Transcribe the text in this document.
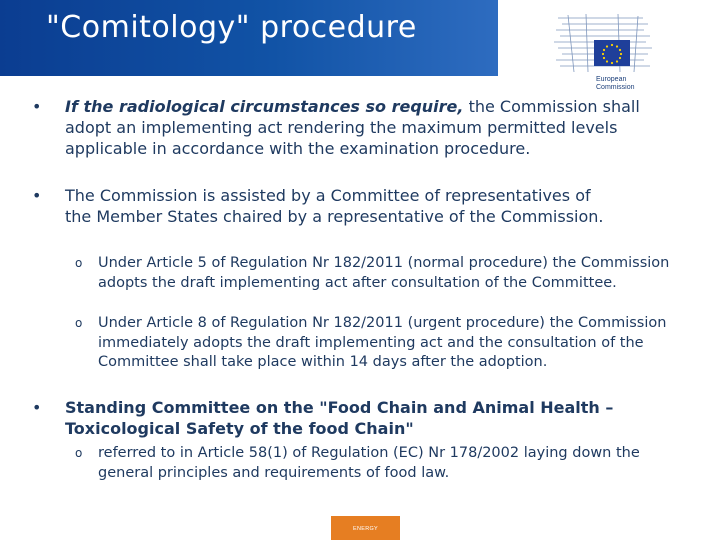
"Comitology" procedure
European
Commission
• If the radiological circumstances so require, the Commission shall adopt an implementing act rendering the maximum permitted levels applicable in accordance with the examination procedure.
• The Commission is assisted by a Committee of representatives of the Member States chaired by a representative of the Commission.
o Under Article 5 of Regulation Nr 182/2011 (normal procedure) the Commission adopts the draft implementing act after consultation of the Committee.
o Under Article 8 of Regulation Nr 182/2011 (urgent procedure) the Commission immediately adopts the draft implementing act and the consultation of the Committee shall take place within 14 days after the adoption.
• Standing Committee on the "Food Chain and Animal Health – Toxicological Safety of the food Chain"
o referred to in Article 58(1) of Regulation (EC) Nr 178/2002 laying down the general principles and requirements of food law.
ENERGY
